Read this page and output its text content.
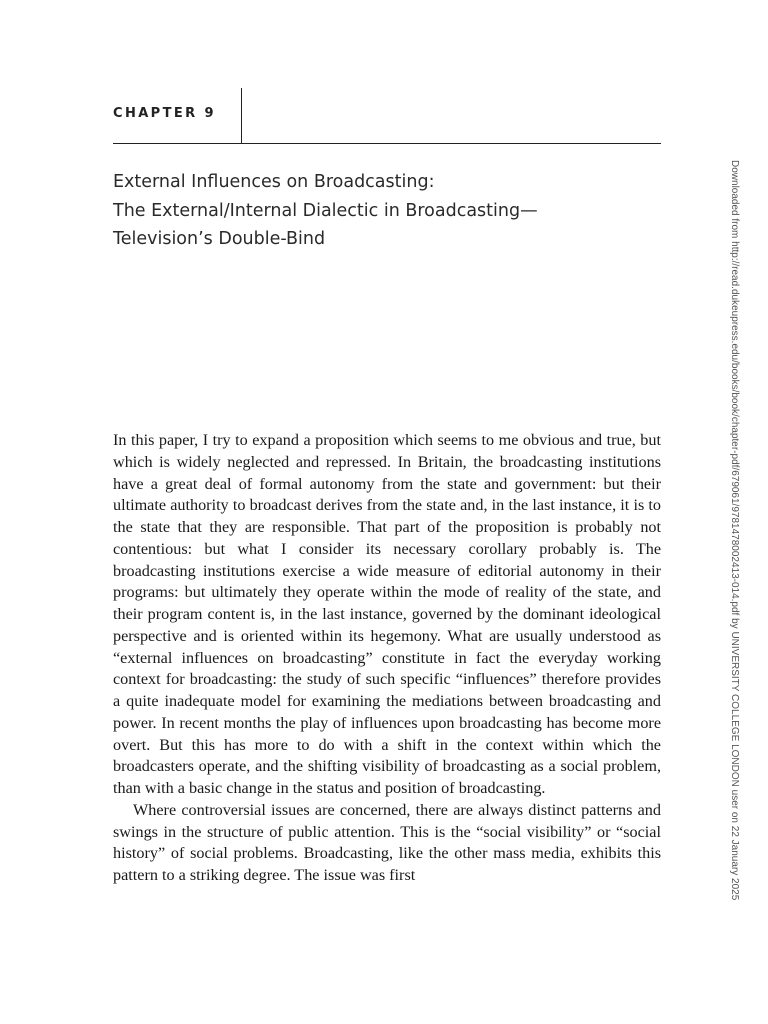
CHAPTER 9
External Influences on Broadcasting:
The External/Internal Dialectic in Broadcasting—
Television’s Double-Bind

In this paper, I try to expand a proposition which seems to me obvious and true, but which is widely neglected and repressed. In Britain, the broadcasting institutions have a great deal of formal autonomy from the state and government: but their ultimate authority to broadcast derives from the state and, in the last instance, it is to the state that they are responsible. That part of the proposition is probably not contentious: but what I consider its necessary corollary probably is. The broadcasting institutions exercise a wide measure of editorial autonomy in their programs: but ultimately they operate within the mode of reality of the state, and their program content is, in the last instance, governed by the dominant ideological perspective and is oriented within its hegemony. What are usually understood as “external influences on broadcasting” constitute in fact the everyday working context for broadcasting: the study of such specific “influences” therefore provides a quite inadequate model for examining the mediations between broadcasting and power. In recent months the play of influences upon broadcasting has become more overt. But this has more to do with a shift in the context within which the broadcasters operate, and the shifting visibility of broadcasting as a social problem, than with a basic change in the status and position of broadcasting.

Where controversial issues are concerned, there are always distinct patterns and swings in the structure of public attention. This is the “social visibility” or “social history” of social problems. Broadcasting, like the other mass media, exhibits this pattern to a striking degree. The issue was first	Downloaded from http://read.dukeupress.edu/books/book/chapter-pdf/679061/9781478002413-014.pdf by UNIVERSITY COLLEGE LONDON user on 22 January 2025
